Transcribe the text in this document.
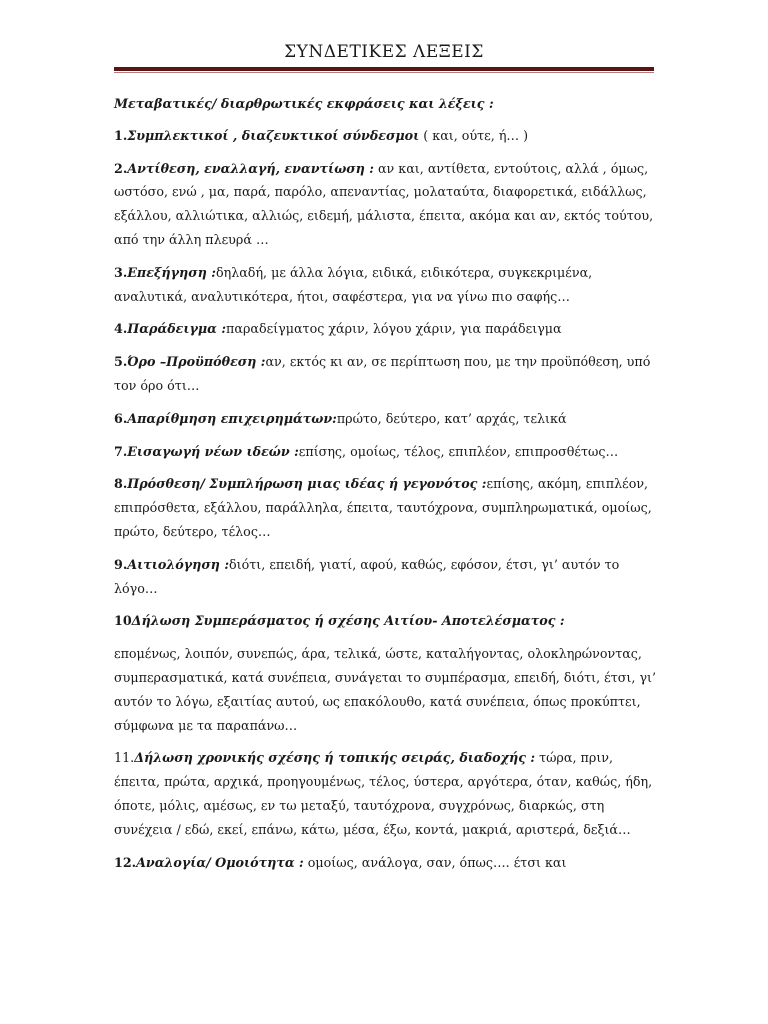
ΣΥΝΔΕΤΙΚΕΣ ΛΕΞΕΙΣ

Μεταβατικές/ διαρθρωτικές εκφράσεις και λέξεις :

1.Συμπλεκτικοί , διαζευκτικοί σύνδεσμοι ( και, ούτε, ή… )

2.Αντίθεση, εναλλαγή, εναντίωση : αν και, αντίθετα, εντούτοις, αλλά , όμως, ωστόσο, ενώ , μα, παρά, παρόλο, απεναντίας, μολαταύτα, διαφορετικά, ειδάλλως, εξάλλου, αλλιώτικα, αλλιώς, ειδεμή, μάλιστα, έπειτα, ακόμα και αν, εκτός τούτου, από την άλλη πλευρά …

3.Επεξήγηση :δηλαδή, με άλλα λόγια, ειδικά, ειδικότερα, συγκεκριμένα, αναλυτικά, αναλυτικότερα, ήτοι, σαφέστερα, για να γίνω πιο σαφής…

4.Παράδειγμα :παραδείγματος χάριν, λόγου χάριν, για παράδειγμα

5.Όρο –Προϋπόθεση :αν, εκτός κι αν, σε περίπτωση που, με την προϋπόθεση, υπό τον όρο ότι…

6.Απαρίθμηση επιχειρημάτων:πρώτο, δεύτερο, κατ’ αρχάς, τελικά

7.Εισαγωγή νέων ιδεών :επίσης, ομοίως, τέλος, επιπλέον, επιπροσθέτως…

8.Πρόσθεση/ Συμπλήρωση μιας ιδέας ή γεγονότος :επίσης, ακόμη, επιπλέον, επιπρόσθετα, εξάλλου, παράλληλα, έπειτα, ταυτόχρονα, συμπληρωματικά, ομοίως, πρώτο, δεύτερο, τέλος…

9.Αιτιολόγηση :διότι, επειδή, γιατί, αφού, καθώς, εφόσον, έτσι, γι’ αυτόν το λόγο…

10Δήλωση Συμπεράσματος ή σχέσης Αιτίου- Αποτελέσματος :

επομένως, λοιπόν, συνεπώς, άρα, τελικά, ώστε, καταλήγοντας, ολοκληρώνοντας, συμπερασματικά, κατά συνέπεια, συνάγεται το συμπέρασμα, επειδή, διότι, έτσι, γι’ αυτόν το λόγω, εξαιτίας αυτού, ως επακόλουθο, κατά συνέπεια, όπως προκύπτει, σύμφωνα με τα παραπάνω…

11.Δήλωση χρονικής σχέσης ή τοπικής σειράς, διαδοχής : τώρα, πριν, έπειτα, πρώτα, αρχικά, προηγουμένως, τέλος, ύστερα, αργότερα, όταν, καθώς, ήδη, όποτε, μόλις, αμέσως, εν τω μεταξύ, ταυτόχρονα, συγχρόνως, διαρκώς, στη συνέχεια / εδώ, εκεί, επάνω, κάτω, μέσα, έξω, κοντά, μακριά, αριστερά, δεξιά…

12.Αναλογία/ Ομοιότητα : ομοίως, ανάλογα, σαν, όπως…. έτσι και
